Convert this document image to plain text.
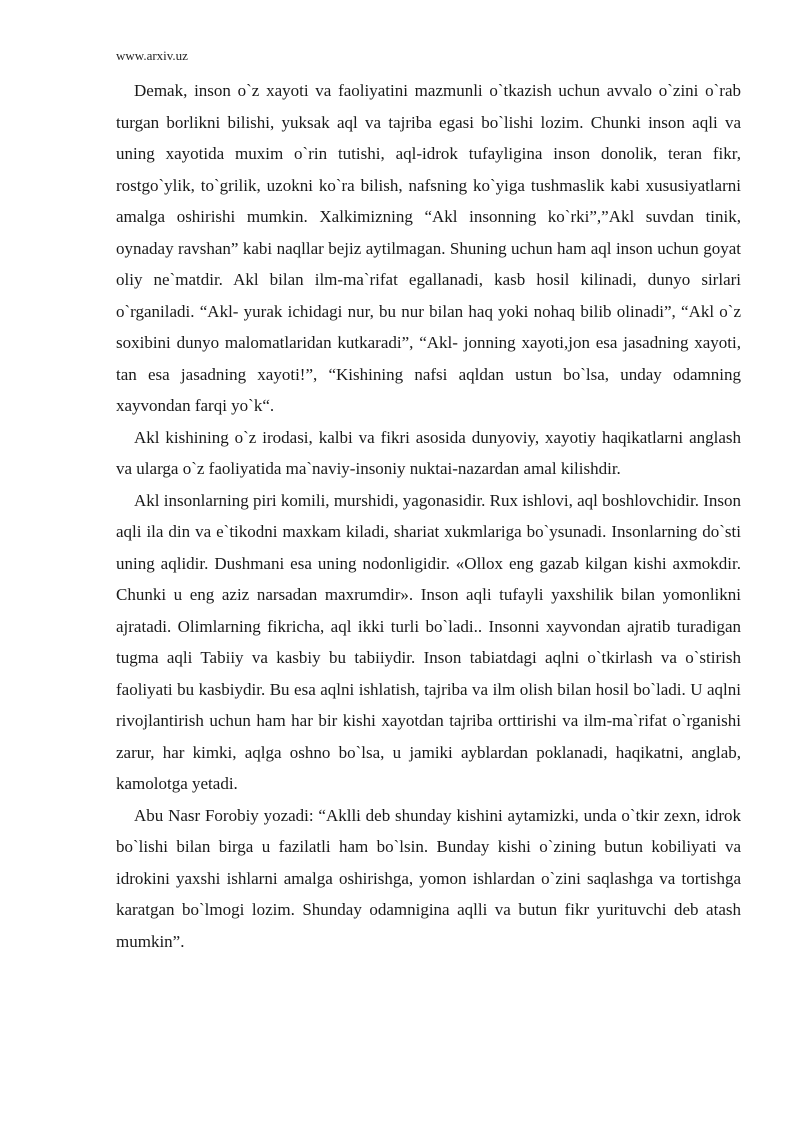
www.arxiv.uz

Demak, inson o`z xayoti va faoliyatini mazmunli o`tkazish uchun avvalo o`zini o`rab turgan borlikni bilishi, yuksak aql va tajriba egasi bo`lishi lozim. Chunki inson aqli va uning xayotida muxim o`rin tutishi, aql-idrok tufayligina inson donolik, teran fikr, rostgo`ylik, to`grilik, uzokni ko`ra bilish, nafsning ko`yiga tushmaslik kabi xususiyatlarni amalga oshirishi mumkin. Xalkimizning “Akl insonning ko`rki”,”Akl suvdan tinik, oynaday ravshan” kabi naqllar bejiz aytilmagan. Shuning uchun ham aql inson uchun goyat oliy ne`matdir. Akl bilan ilm-ma`rifat egallanadi, kasb hosil kilinadi, dunyo sirlari o`rganiladi. “Akl- yurak ichidagi nur, bu nur bilan haq yoki nohaq bilib olinadi”, “Akl o`z soxibini dunyo malomatlaridan kutkaradi”, “Akl- jonning xayoti,jon esa jasadning xayoti, tan esa jasadning xayoti!”, “Kishining nafsi aqldan ustun bo`lsa, unday odamning xayvondan farqi yo`k“.

Akl kishining o`z irodasi, kalbi va fikri asosida dunyoviy, xayotiy haqikatlarni anglash va ularga o`z faoliyatida ma`naviy-insoniy nuktai-nazardan amal kilishdir.

Akl insonlarning piri komili, murshidi, yagonasidir. Rux ishlovi, aql boshlovchidir. Inson aqli ila din va e`tikodni maxkam kiladi, shariat xukmlariga bo`ysunadi. Insonlarning do`sti uning aqlidir. Dushmani esa uning nodonligidir. «Ollox eng gazab kilgan kishi axmokdir. Chunki u eng aziz narsadan maxrumdir». Inson aqli tufayli yaxshilik bilan yomonlikni ajratadi. Olimlarning fikricha, aql ikki turli bo`ladi.. Insonni xayvondan ajratib turadigan tugma aqli Tabiiy va kasbiy bu tabiiydir. Inson tabiatdagi aqlni o`tkirlash va o`stirish faoliyati bu kasbiydir. Bu esa aqlni ishlatish, tajriba va ilm olish bilan hosil bo`ladi. U aqlni rivojlantirish uchun ham har bir kishi xayotdan tajriba orttirishi va ilm-ma`rifat o`rganishi zarur, har kimki, aqlga oshno bo`lsa, u jamiki ayblardan poklanadi, haqikatni, anglab, kamolotga yetadi.

Abu Nasr Forobiy yozadi: “Aklli deb shunday kishini aytamizki, unda o`tkir zexn, idrok bo`lishi bilan birga u fazilatli ham bo`lsin. Bunday kishi o`zining butun kobiliyati va idrokini yaxshi ishlarni amalga oshirishga, yomon ishlardan o`zini saqlashga va tortishga karatgan bo`lmogi lozim. Shunday odamnigina aqlli va butun fikr yurituvchi deb atash mumkin”.
